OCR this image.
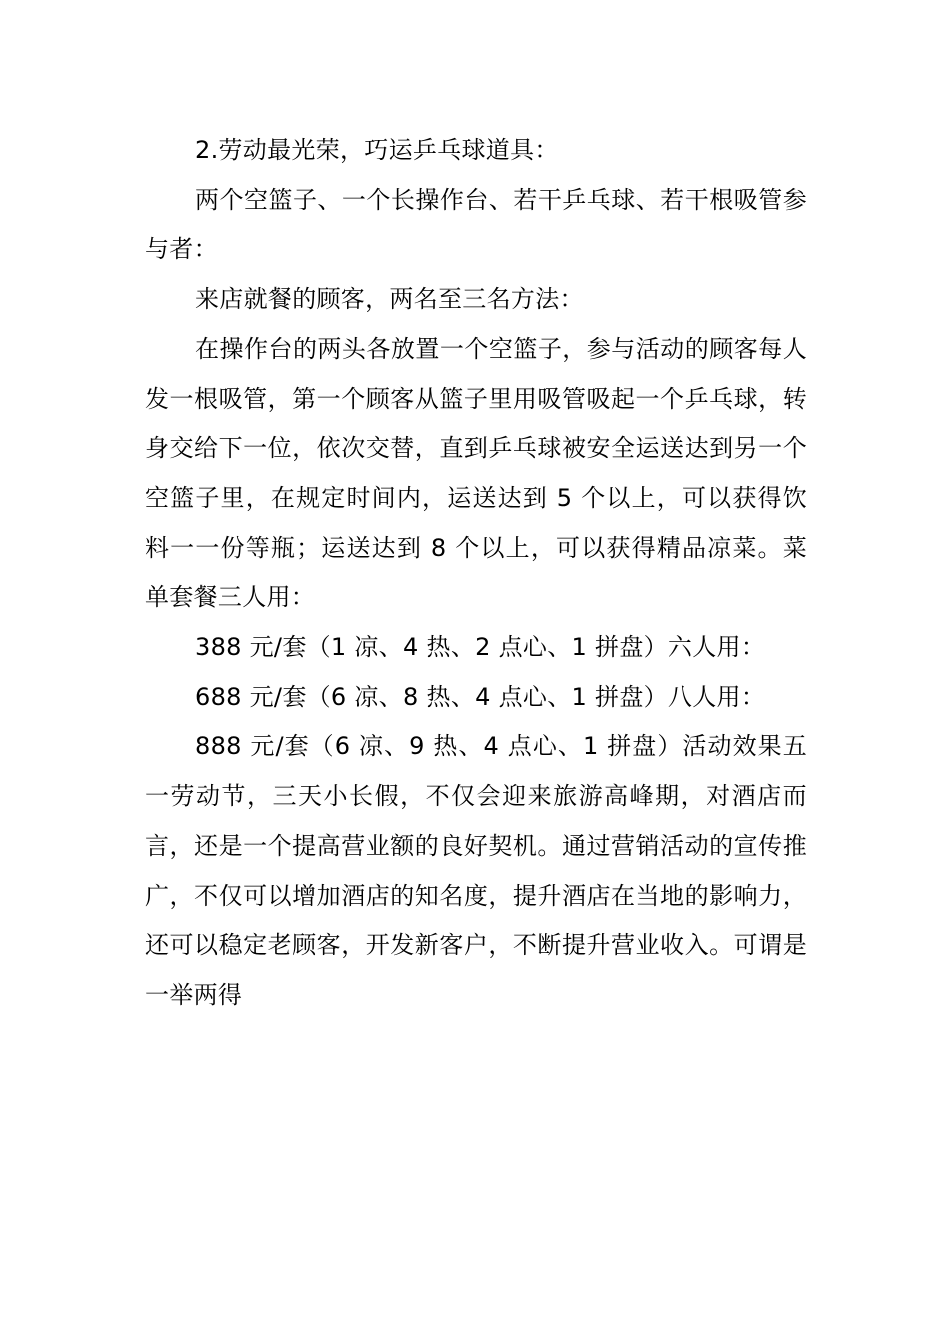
2.劳动最光荣，巧运乒乓球道具：

两个空篮子、一个长操作台、若干乒乓球、若干根吸管参与者：

来店就餐的顾客，两名至三名方法：

在操作台的两头各放置一个空篮子，参与活动的顾客每人发一根吸管，第一个顾客从篮子里用吸管吸起一个乒乓球，转身交给下一位，依次交替，直到乒乓球被安全运送达到另一个空篮子里，在规定时间内，运送达到 5 个以上，可以获得饮料一一份等瓶；运送达到 8 个以上，可以获得精品凉菜。菜单套餐三人用：

388 元/套（1 凉、4 热、2 点心、1 拼盘）六人用：

688 元/套（6 凉、8 热、4 点心、1 拼盘）八人用：

888 元/套（6 凉、9 热、4 点心、1 拼盘）活动效果五一劳动节，三天小长假，不仅会迎来旅游高峰期，对酒店而言，还是一个提高营业额的良好契机。通过营销活动的宣传推广，不仅可以增加酒店的知名度，提升酒店在当地的影响力，还可以稳定老顾客，开发新客户，不断提升营业收入。可谓是一举两得
